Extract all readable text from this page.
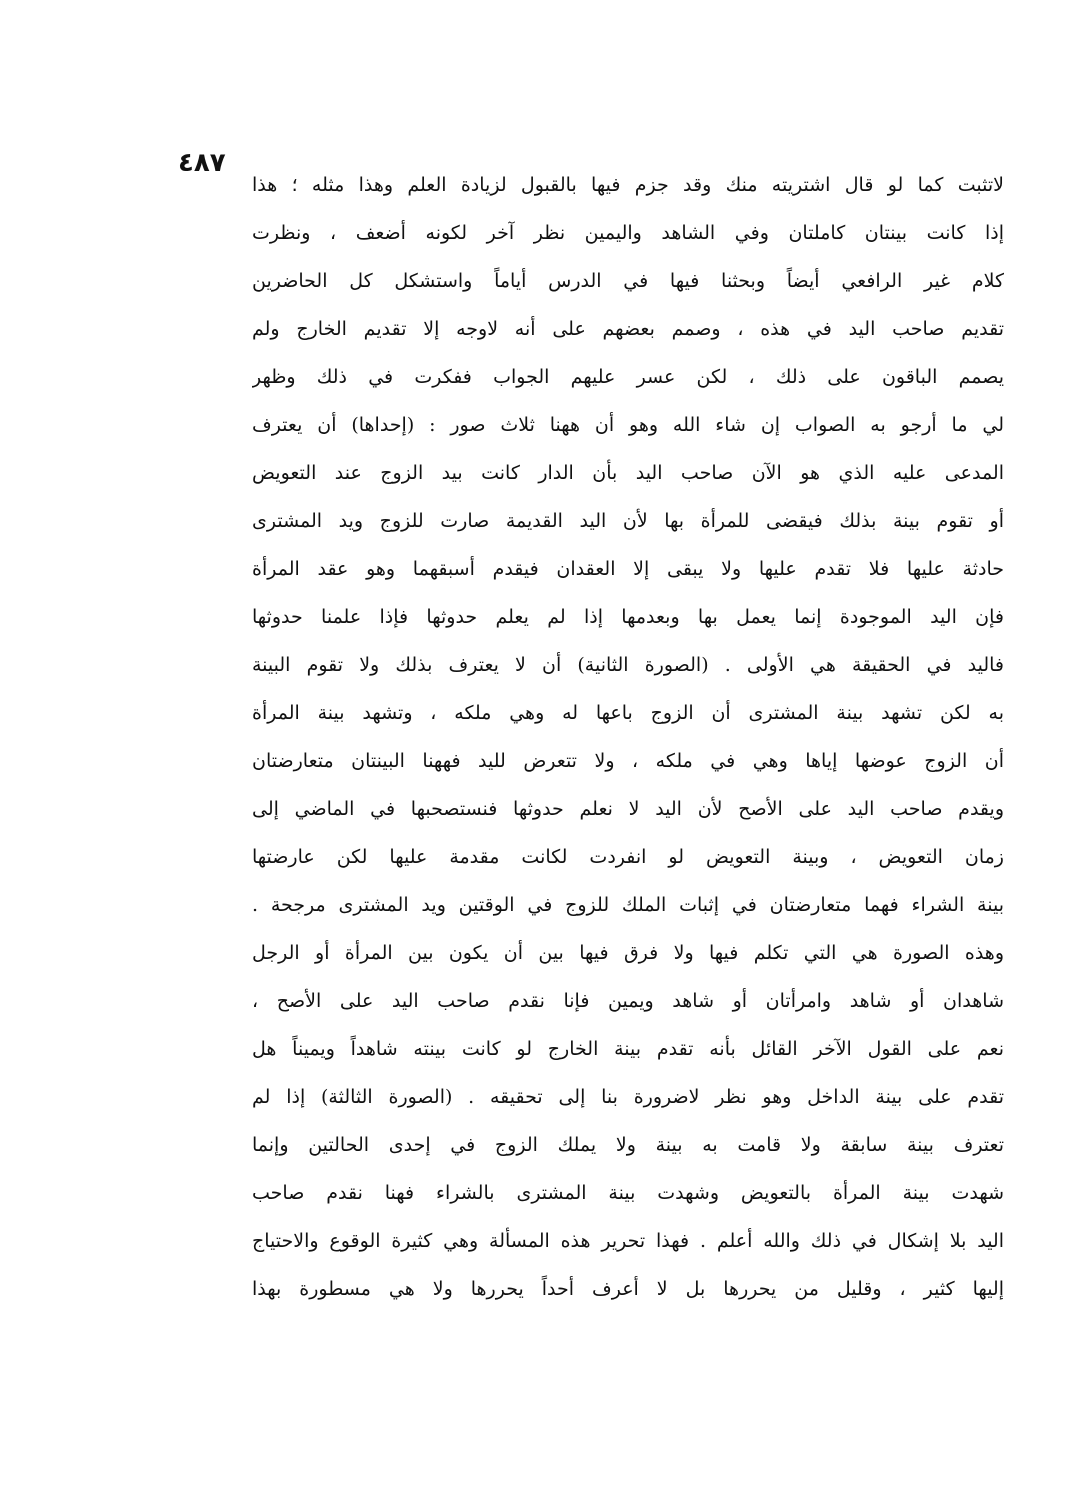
٤٨٧
لاتثبت كما لو قال اشتريته منك وقد جزم فيها بالقبول لزيادة العلم وهذا مثله ؛ هذا
إذا كانت بينتان كاملتان وفي الشاهد واليمين نظر آخر لكونه أضعف ، ونظرت
كلام غير الرافعي أيضاً وبحثنا فيها في الدرس أياماً واستشكل كل الحاضرين
تقديم صاحب اليد في هذه ، وصمم بعضهم على أنه لاوجه إلا تقديم الخارج ولم
يصمم الباقون على ذلك ، لكن عسر عليهم الجواب ففكرت في ذلك وظهر
لي ما أرجو به الصواب إن شاء الله وهو أن ههنا ثلاث صور : (إحداها) أن يعترف
المدعى عليه الذي هو الآن صاحب اليد بأن الدار كانت بيد الزوج عند التعويض
أو تقوم بينة بذلك فيقضى للمرأة بها لأن اليد القديمة صارت للزوج ويد المشترى
حادثة عليها فلا تقدم عليها ولا يبقى إلا العقدان فيقدم أسبقهما وهو عقد المرأة
فإن اليد الموجودة إنما يعمل بها وبعدمها إذا لم يعلم حدوثها فإذا علمنا حدوثها
فاليد في الحقيقة هي الأولى . (الصورة الثانية) أن لا يعترف بذلك ولا تقوم البينة
به لكن تشهد بينة المشترى أن الزوج باعها له وهي ملكه ، وتشهد بينة المرأة
أن الزوج عوضها إياها وهي في ملكه ، ولا تتعرض لليد فههنا البينتان متعارضتان
ويقدم صاحب اليد على الأصح لأن اليد لا نعلم حدوثها فنستصحبها في الماضي إلى
زمان التعويض ، وبينة التعويض لو انفردت لكانت مقدمة عليها لكن عارضتها
بينة الشراء فهما متعارضتان في إثبات الملك للزوج في الوقتين ويد المشترى مرجحة .
وهذه الصورة هي التي تكلم فيها ولا فرق فيها بين أن يكون بين المرأة أو الرجل
شاهدان أو شاهد وامرأتان أو شاهد ويمين فإنا نقدم صاحب اليد على الأصح ،
نعم على القول الآخر القائل بأنه تقدم بينة الخارج لو كانت بينته شاهداً ويميناً هل
تقدم على بينة الداخل وهو نظر لاضرورة بنا إلى تحقيقه . (الصورة الثالثة) إذا لم
تعترف بينة سابقة ولا قامت به بينة ولا يملك الزوج في إحدى الحالتين وإنما
شهدت بينة المرأة بالتعويض وشهدت بينة المشترى بالشراء فهنا نقدم صاحب
اليد بلا إشكال في ذلك والله أعلم . فهذا تحرير هذه المسألة وهي كثيرة الوقوع والاحتياج
إليها كثير ، وقليل من يحررها بل لا أعرف أحداً يحررها ولا هي مسطورة بهذا
